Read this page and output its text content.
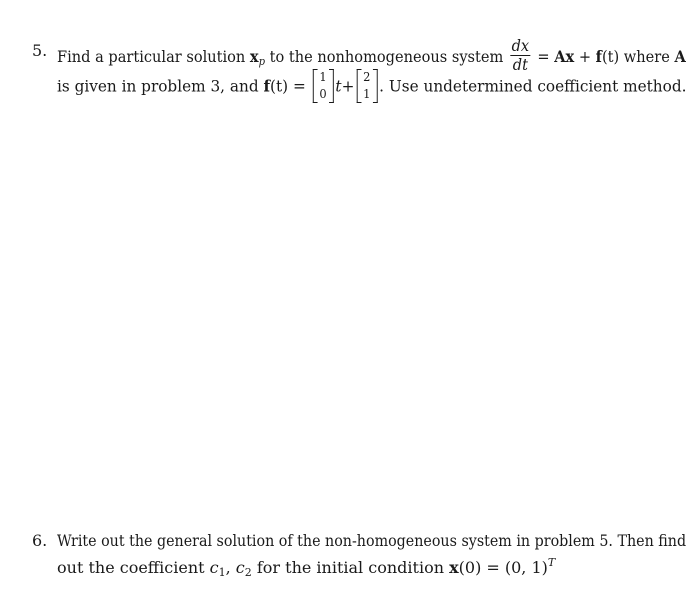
5. Find a particular solution $x_p$ to the nonhomogeneous system $\frac{dx}{dt} = Ax + f(t)$ where A
is given in problem 3, and f(t) = 1
0 t+ 2
1 . Use undetermined coefficient method.
6. Write out the general solution of the non-homogeneous system in problem 5. Then find
out the coefficient $c_1$, $c_2$ for the initial condition x(0) = (0, 1)$^T$
